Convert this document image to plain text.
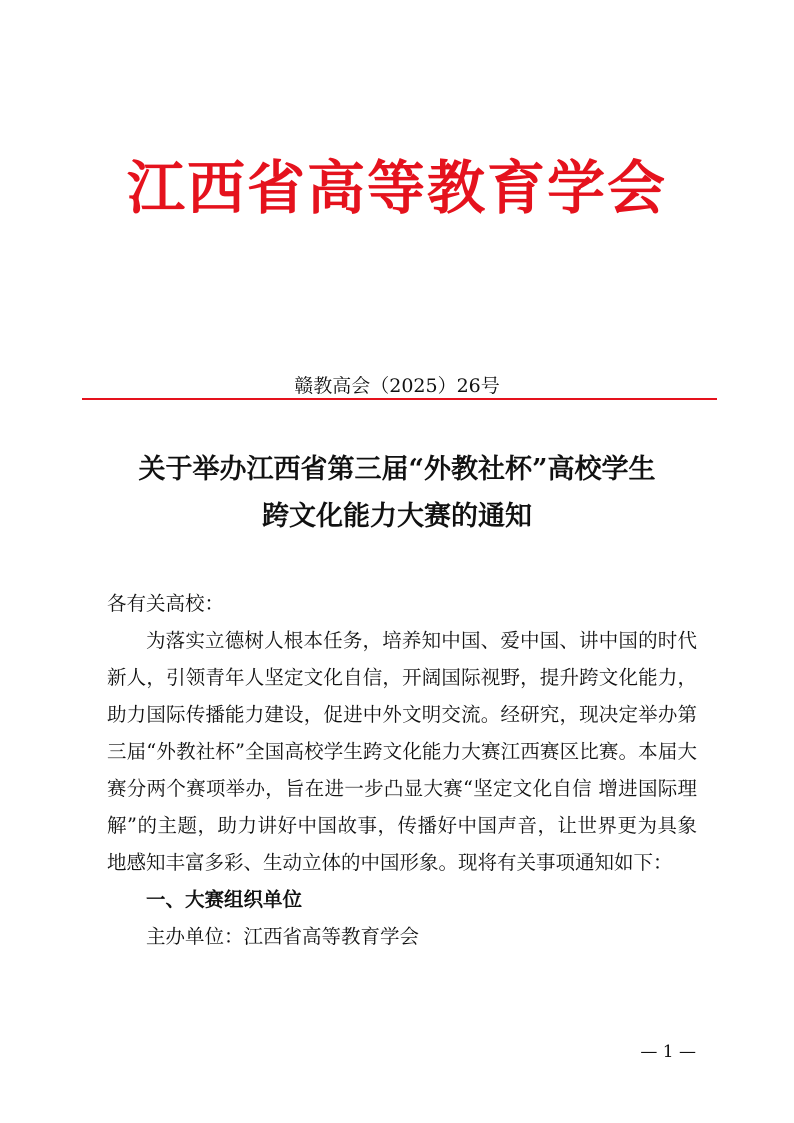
江西省高等教育学会
赣教高会（2025）26号
关于举办江西省第三届“外教社杯”高校学生
跨文化能力大赛的通知

各有关高校：

为落实立德树人根本任务，培养知中国、爱中国、讲中国的时代新人，引领青年人坚定文化自信，开阔国际视野，提升跨文化能力，助力国际传播能力建设，促进中外文明交流。经研究，现决定举办第三届“外教社杯”全国高校学生跨文化能力大赛江西赛区比赛。本届大赛分两个赛项举办，旨在进一步凸显大赛“坚定文化自信 增进国际理解”的主题，助力讲好中国故事，传播好中国声音，让世界更为具象地感知丰富多彩、生动立体的中国形象。现将有关事项通知如下：

一、大赛组织单位

主办单位：江西省高等教育学会

— 1 —
